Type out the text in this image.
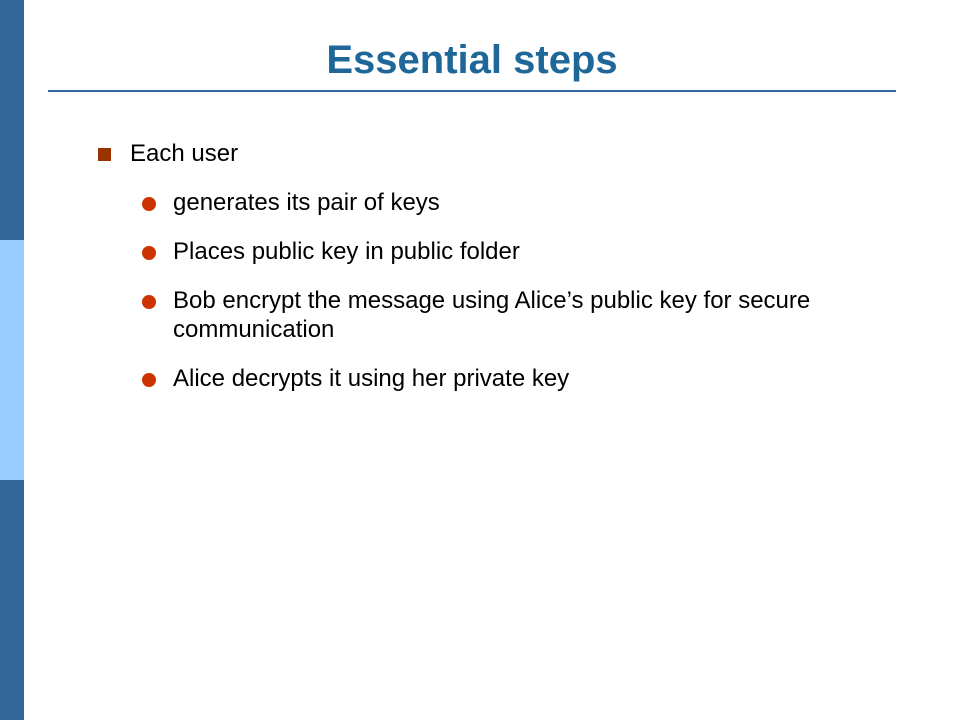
Essential steps
Each user
generates its pair of keys
Places public key in public folder
Bob encrypt the message using Alice’s public key for secure communication
Alice decrypts it using her private key
